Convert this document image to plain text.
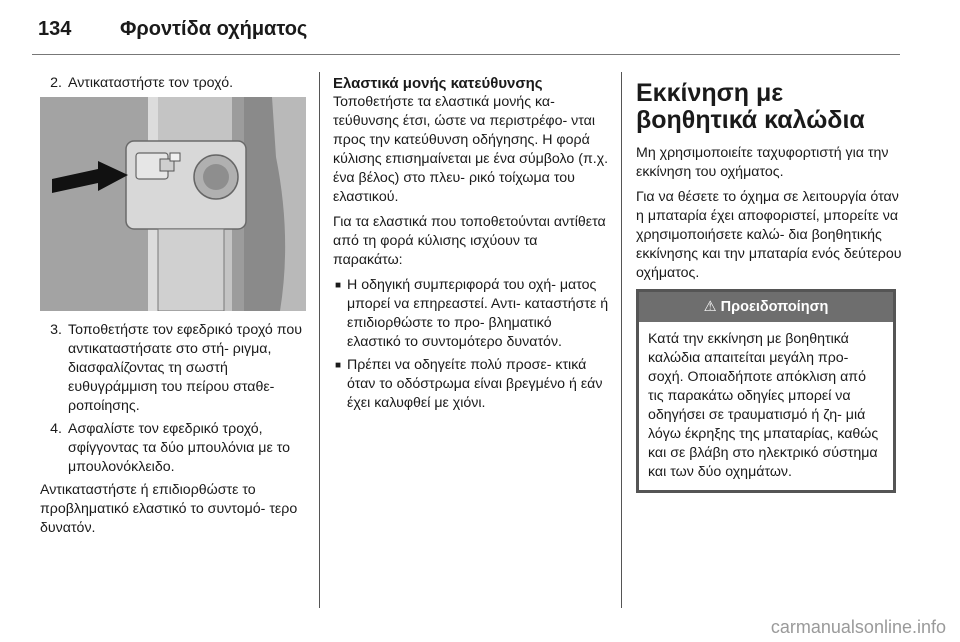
134 Φροντίδα οχήματος
2. Αντικαταστήστε τον τροχό.
3. Τοποθετήστε τον εφεδρικό τροχό που αντικαταστήσατε στο στή- ριγμα, διασφαλίζοντας τη σωστή ευθυγράμμιση του πείρου σταθε- ροποίησης.
4. Ασφαλίστε τον εφεδρικό τροχό, σφίγγοντας τα δύο μπουλόνια με το μπουλονόκλειδο.

Αντικαταστήστε ή επιδιορθώστε το προβληματικό ελαστικό το συντομό- τερο δυνατόν.

Ελαστικά μονής κατεύθυνσης

Τοποθετήστε τα ελαστικά μονής κα- τεύθυνσης έτσι, ώστε να περιστρέφο- νται προς την κατεύθυνση οδήγησης. Η φορά κύλισης επισημαίνεται με ένα σύμβολο (π.χ. ένα βέλος) στο πλευ- ρικό τοίχωμα του ελαστικού.

Για τα ελαστικά που τοποθετούνται αντίθετα από τη φορά κύλισης ισχύουν τα παρακάτω:

■ Η οδηγική συμπεριφορά του οχή- ματος μπορεί να επηρεαστεί. Αντι- καταστήστε ή επιδιορθώστε το προ- βληματικό ελαστικό το συντομότερο δυνατόν.
■ Πρέπει να οδηγείτε πολύ προσε- κτικά όταν το οδόστρωμα είναι βρεγμένο ή εάν έχει καλυφθεί με χιόνι.
Εκκίνηση με βοηθητικά καλώδια

Μη χρησιμοποιείτε ταχυφορτιστή για την εκκίνηση του οχήματος.

Για να θέσετε το όχημα σε λειτουργία όταν η μπαταρία έχει αποφοριστεί, μπορείτε να χρησιμοποιήσετε καλώ- δια βοηθητικής εκκίνησης και την μπαταρία ενός δεύτερου οχήματος.

⚠ Προειδοποίηση
Κατά την εκκίνηση με βοηθητικά καλώδια απαιτείται μεγάλη προ- σοχή. Οποιαδήποτε απόκλιση από τις παρακάτω οδηγίες μπορεί να οδηγήσει σε τραυματισμό ή ζη- μιά λόγω έκρηξης της μπαταρίας, καθώς και σε βλάβη στο ηλεκτρικό σύστημα και των δύο οχημάτων.
carmanualsonline.info
